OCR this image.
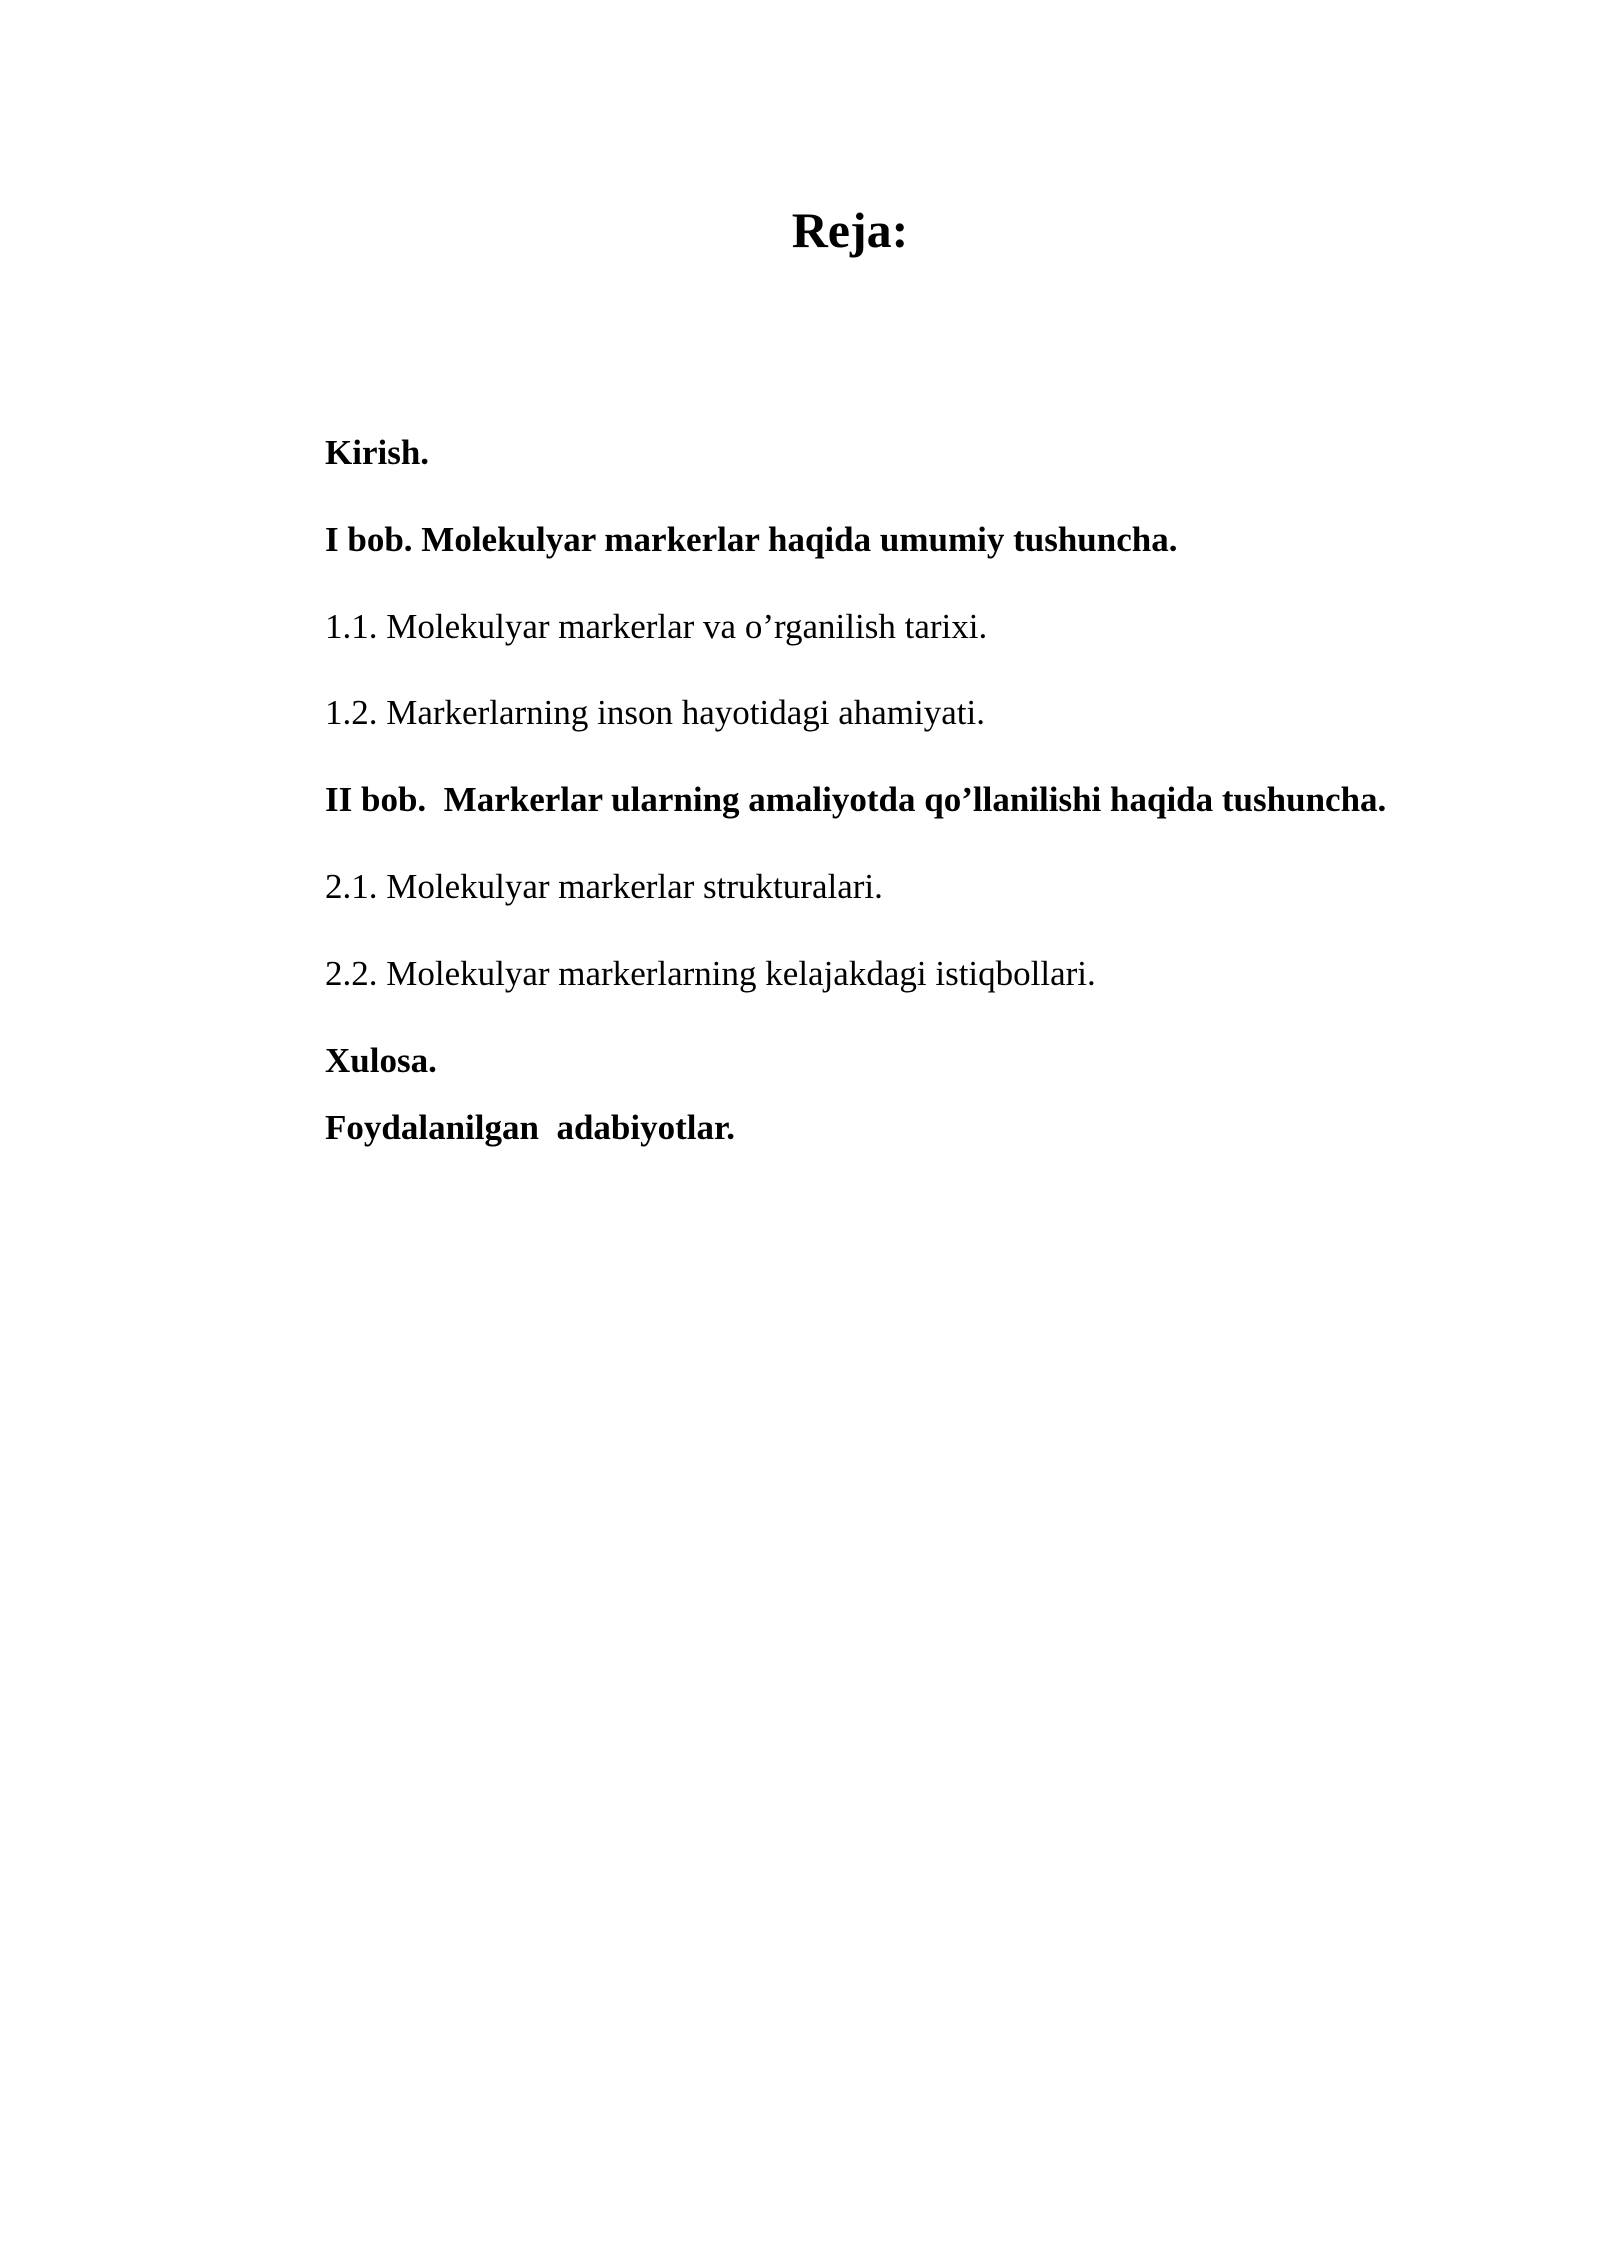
Reja:

Kirish.

I bob. Molekulyar markerlar haqida umumiy tushuncha.

1.1. Molekulyar markerlar va o’rganilish tarixi.

1.2. Markerlarning inson hayotidagi ahamiyati.

II bob.  Markerlar ularning amaliyotda qo’llanilishi haqida tushuncha.

2.1. Molekulyar markerlar strukturalari.

2.2. Molekulyar markerlarning kelajakdagi istiqbollari.

Xulosa.

Foydalanilgan  adabiyotlar.
